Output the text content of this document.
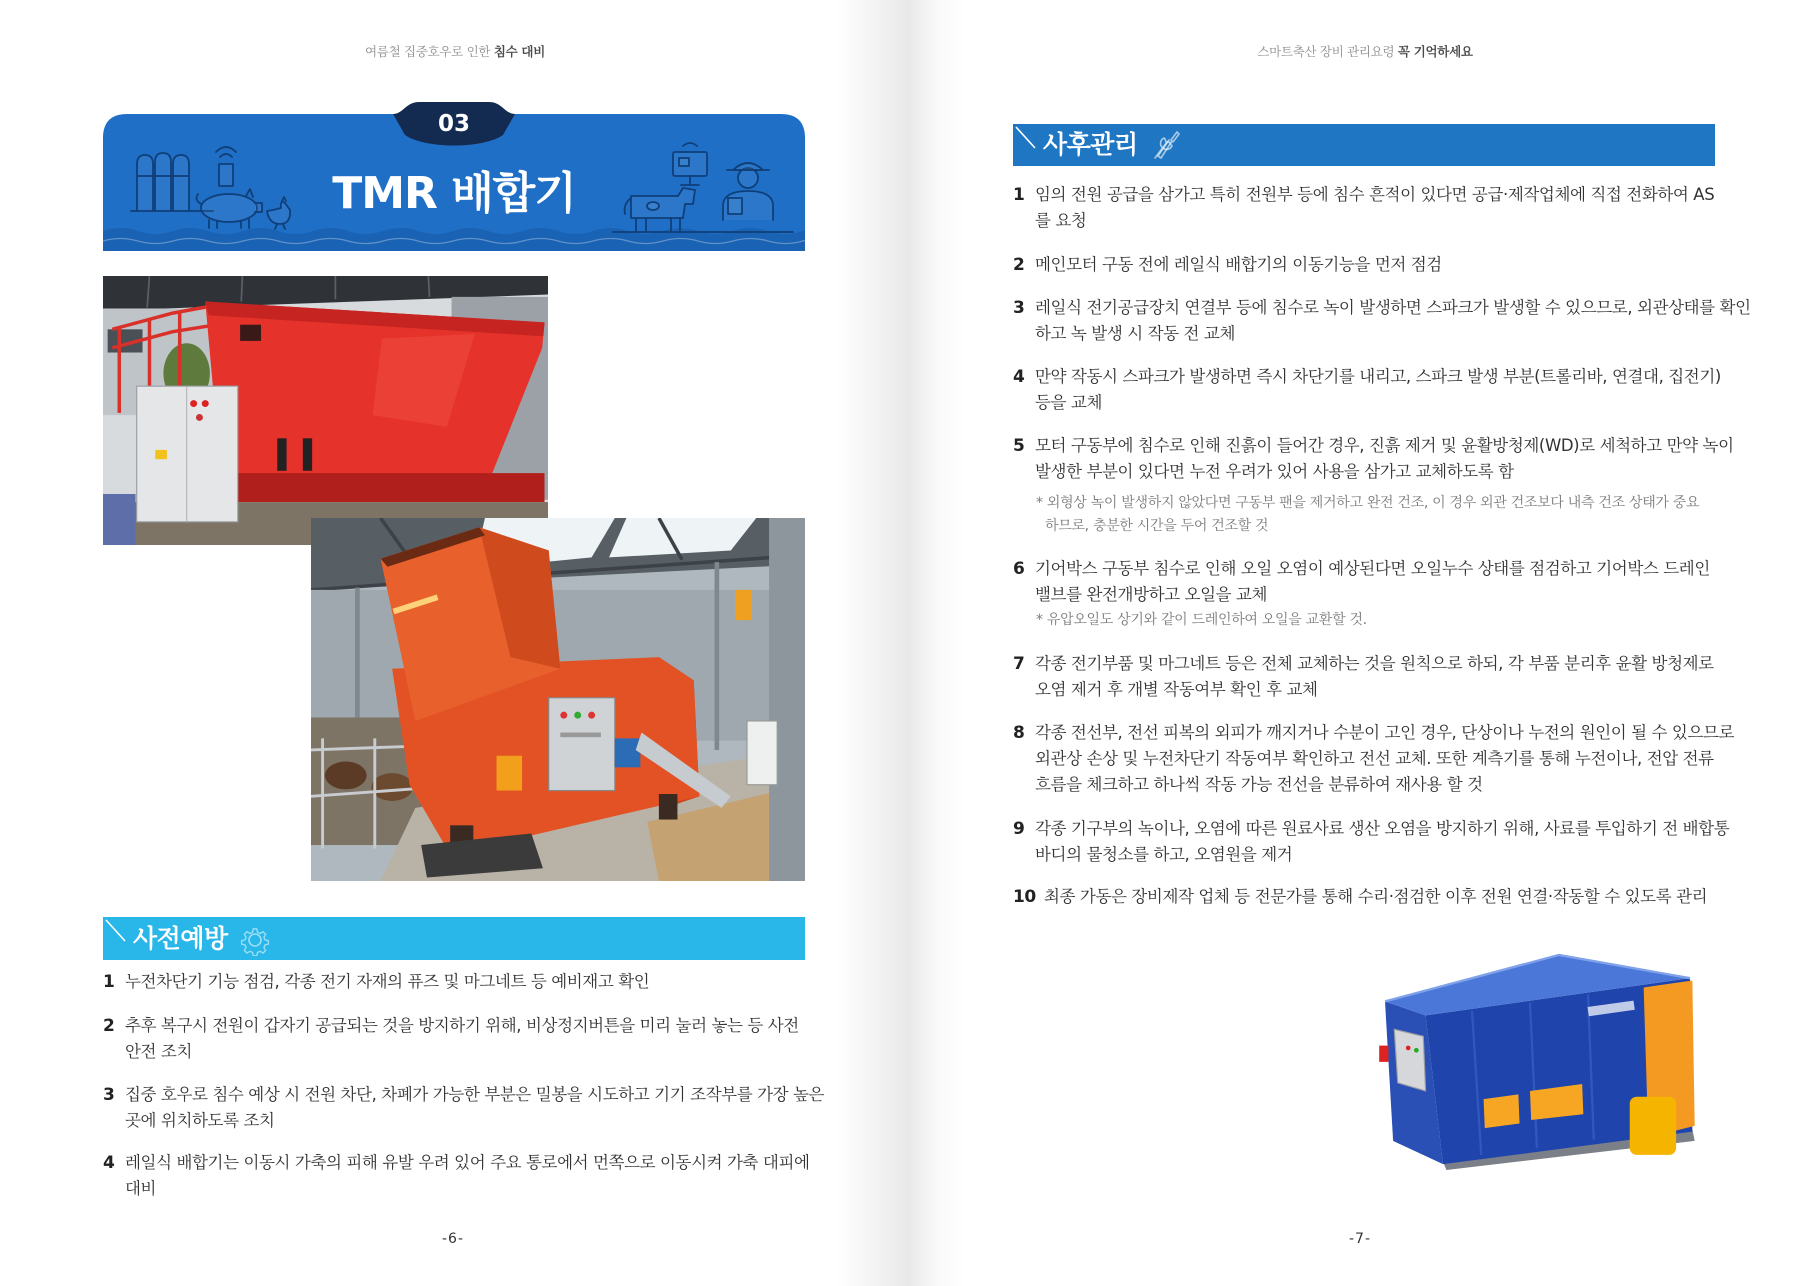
여름철 집중호우로 인한 침수 대비
03
TMR 배합기
사전예방
1 누전차단기 기능 점검, 각종 전기 자재의 퓨즈 및 마그네트 등 예비재고 확인
2 추후 복구시 전원이 갑자기 공급되는 것을 방지하기 위해, 비상정지버튼을 미리 눌러 놓는 등 사전
안전 조치
3 집중 호우로 침수 예상 시 전원 차단, 차폐가 가능한 부분은 밀봉을 시도하고 기기 조작부를 가장 높은
곳에 위치하도록 조치
4 레일식 배합기는 이동시 가축의 피해 유발 우려 있어 주요 통로에서 먼쪽으로 이동시켜 가축 대피에
대비
-6-
스마트축산 장비 관리요령 꼭 기억하세요
사후관리
1 임의 전원 공급을 삼가고 특히 전원부 등에 침수 흔적이 있다면 공급·제작업체에 직접 전화하여 AS
를 요청
2 메인모터 구동 전에 레일식 배합기의 이동기능을 먼저 점검
3 레일식 전기공급장치 연결부 등에 침수로 녹이 발생하면 스파크가 발생할 수 있으므로, 외관상태를 확인
하고 녹 발생 시 작동 전 교체
4 만약 작동시 스파크가 발생하면 즉시 차단기를 내리고, 스파크 발생 부분(트롤리바, 연결대, 집전기)
등을 교체
5 모터 구동부에 침수로 인해 진흙이 들어간 경우, 진흙 제거 및 윤활방청제(WD)로 세척하고 만약 녹이
발생한 부분이 있다면 누전 우려가 있어 사용을 삼가고 교체하도록 함
* 외형상 녹이 발생하지 않았다면 구동부 팬을 제거하고 완전 건조, 이 경우 외관 건조보다 내측 건조 상태가 중요
하므로, 충분한 시간을 두어 건조할 것
6 기어박스 구동부 침수로 인해 오일 오염이 예상된다면 오일누수 상태를 점검하고 기어박스 드레인
밸브를 완전개방하고 오일을 교체
* 유압오일도 상기와 같이 드레인하여 오일을 교환할 것.
7 각종 전기부품 및 마그네트 등은 전체 교체하는 것을 원칙으로 하되, 각 부품 분리후 윤활 방청제로
오염 제거 후 개별 작동여부 확인 후 교체
8 각종 전선부, 전선 피복의 외피가 깨지거나 수분이 고인 경우, 단상이나 누전의 원인이 될 수 있으므로
외관상 손상 및 누전차단기 작동여부 확인하고 전선 교체. 또한 계측기를 통해 누전이나, 전압 전류
흐름을 체크하고 하나씩 작동 가능 전선을 분류하여 재사용 할 것
9 각종 기구부의 녹이나, 오염에 따른 원료사료 생산 오염을 방지하기 위해, 사료를 투입하기 전 배합통
바디의 물청소를 하고, 오염원을 제거
10 최종 가동은 장비제작 업체 등 전문가를 통해 수리·점검한 이후 전원 연결·작동할 수 있도록 관리
-7-
